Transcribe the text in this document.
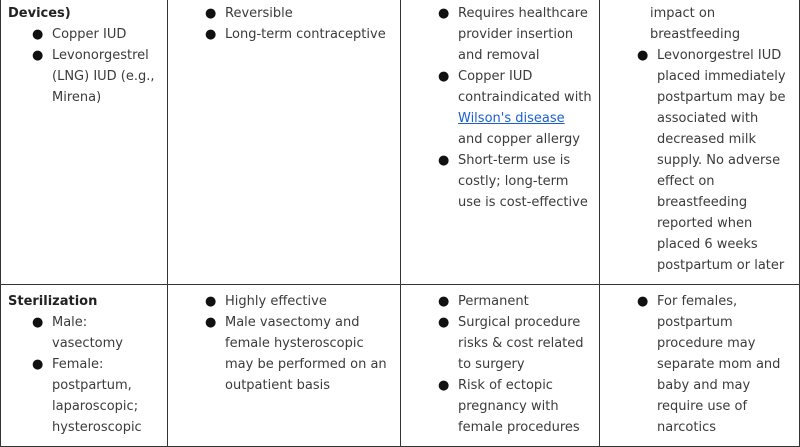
Devices)
● Copper IUD
● Levonorgestrel (LNG) IUD (e.g., Mirena)

● Reversible
● Long-term contraceptive

● Requires healthcare provider insertion and removal
● Copper IUD contraindicated with Wilson's disease and copper allergy
● Short-term use is costly; long-term use is cost-effective

impact on breastfeeding
● Levonorgestrel IUD placed immediately postpartum may be associated with decreased milk supply. No adverse effect on breastfeeding reported when placed 6 weeks postpartum or later

Sterilization
● Male: vasectomy
● Female: postpartum, laparoscopic; hysteroscopic

● Highly effective
● Male vasectomy and female hysteroscopic may be performed on an outpatient basis

● Permanent
● Surgical procedure risks & cost related to surgery
● Risk of ectopic pregnancy with female procedures

● For females, postpartum procedure may separate mom and baby and may require use of narcotics
